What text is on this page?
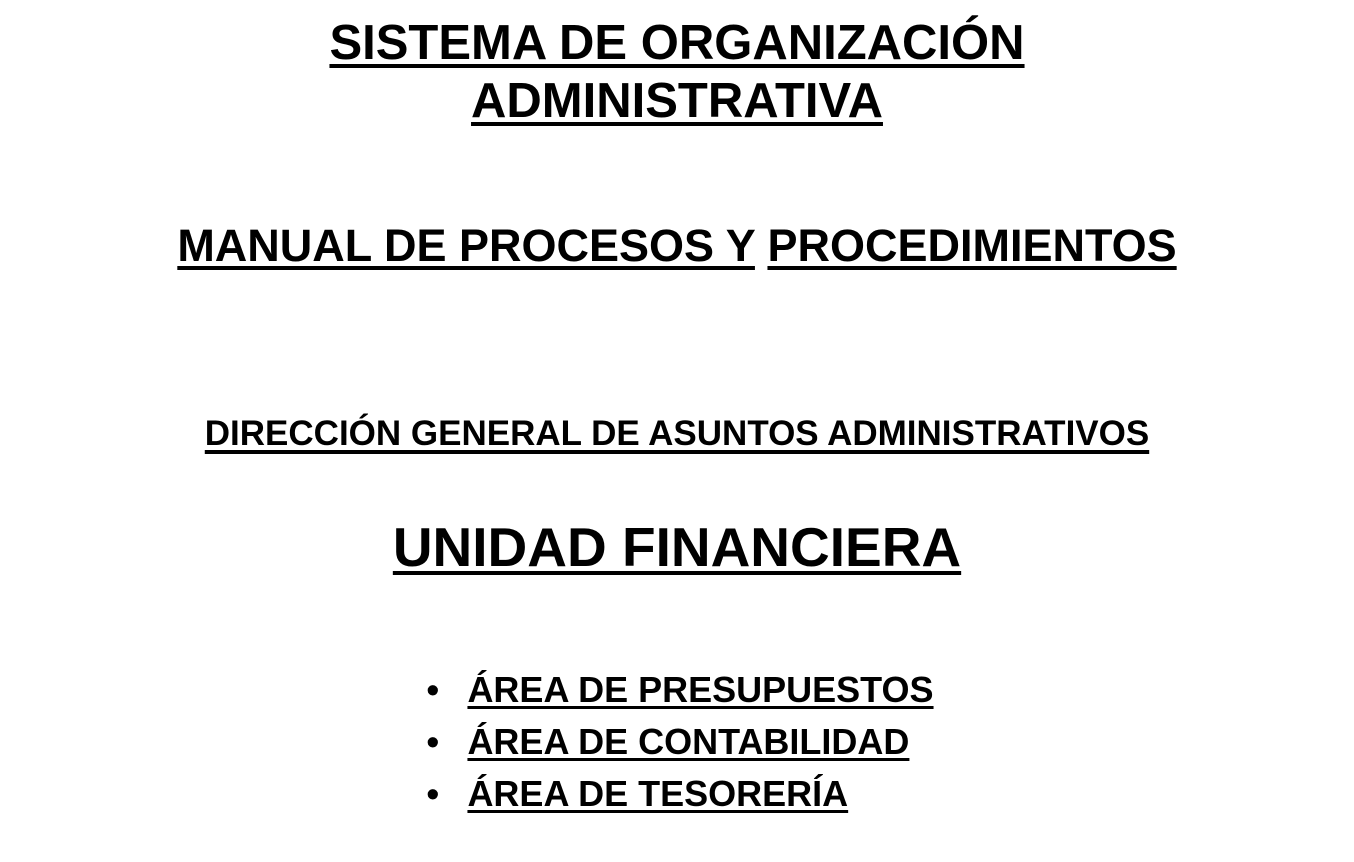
SISTEMA DE ORGANIZACIÓN
ADMINISTRATIVA
MANUAL DE PROCESOS Y PROCEDIMIENTOS
DIRECCIÓN GENERAL DE ASUNTOS ADMINISTRATIVOS
UNIDAD FINANCIERA
• ÁREA DE PRESUPUESTOS
• ÁREA DE CONTABILIDAD
• ÁREA DE TESORERÍA
